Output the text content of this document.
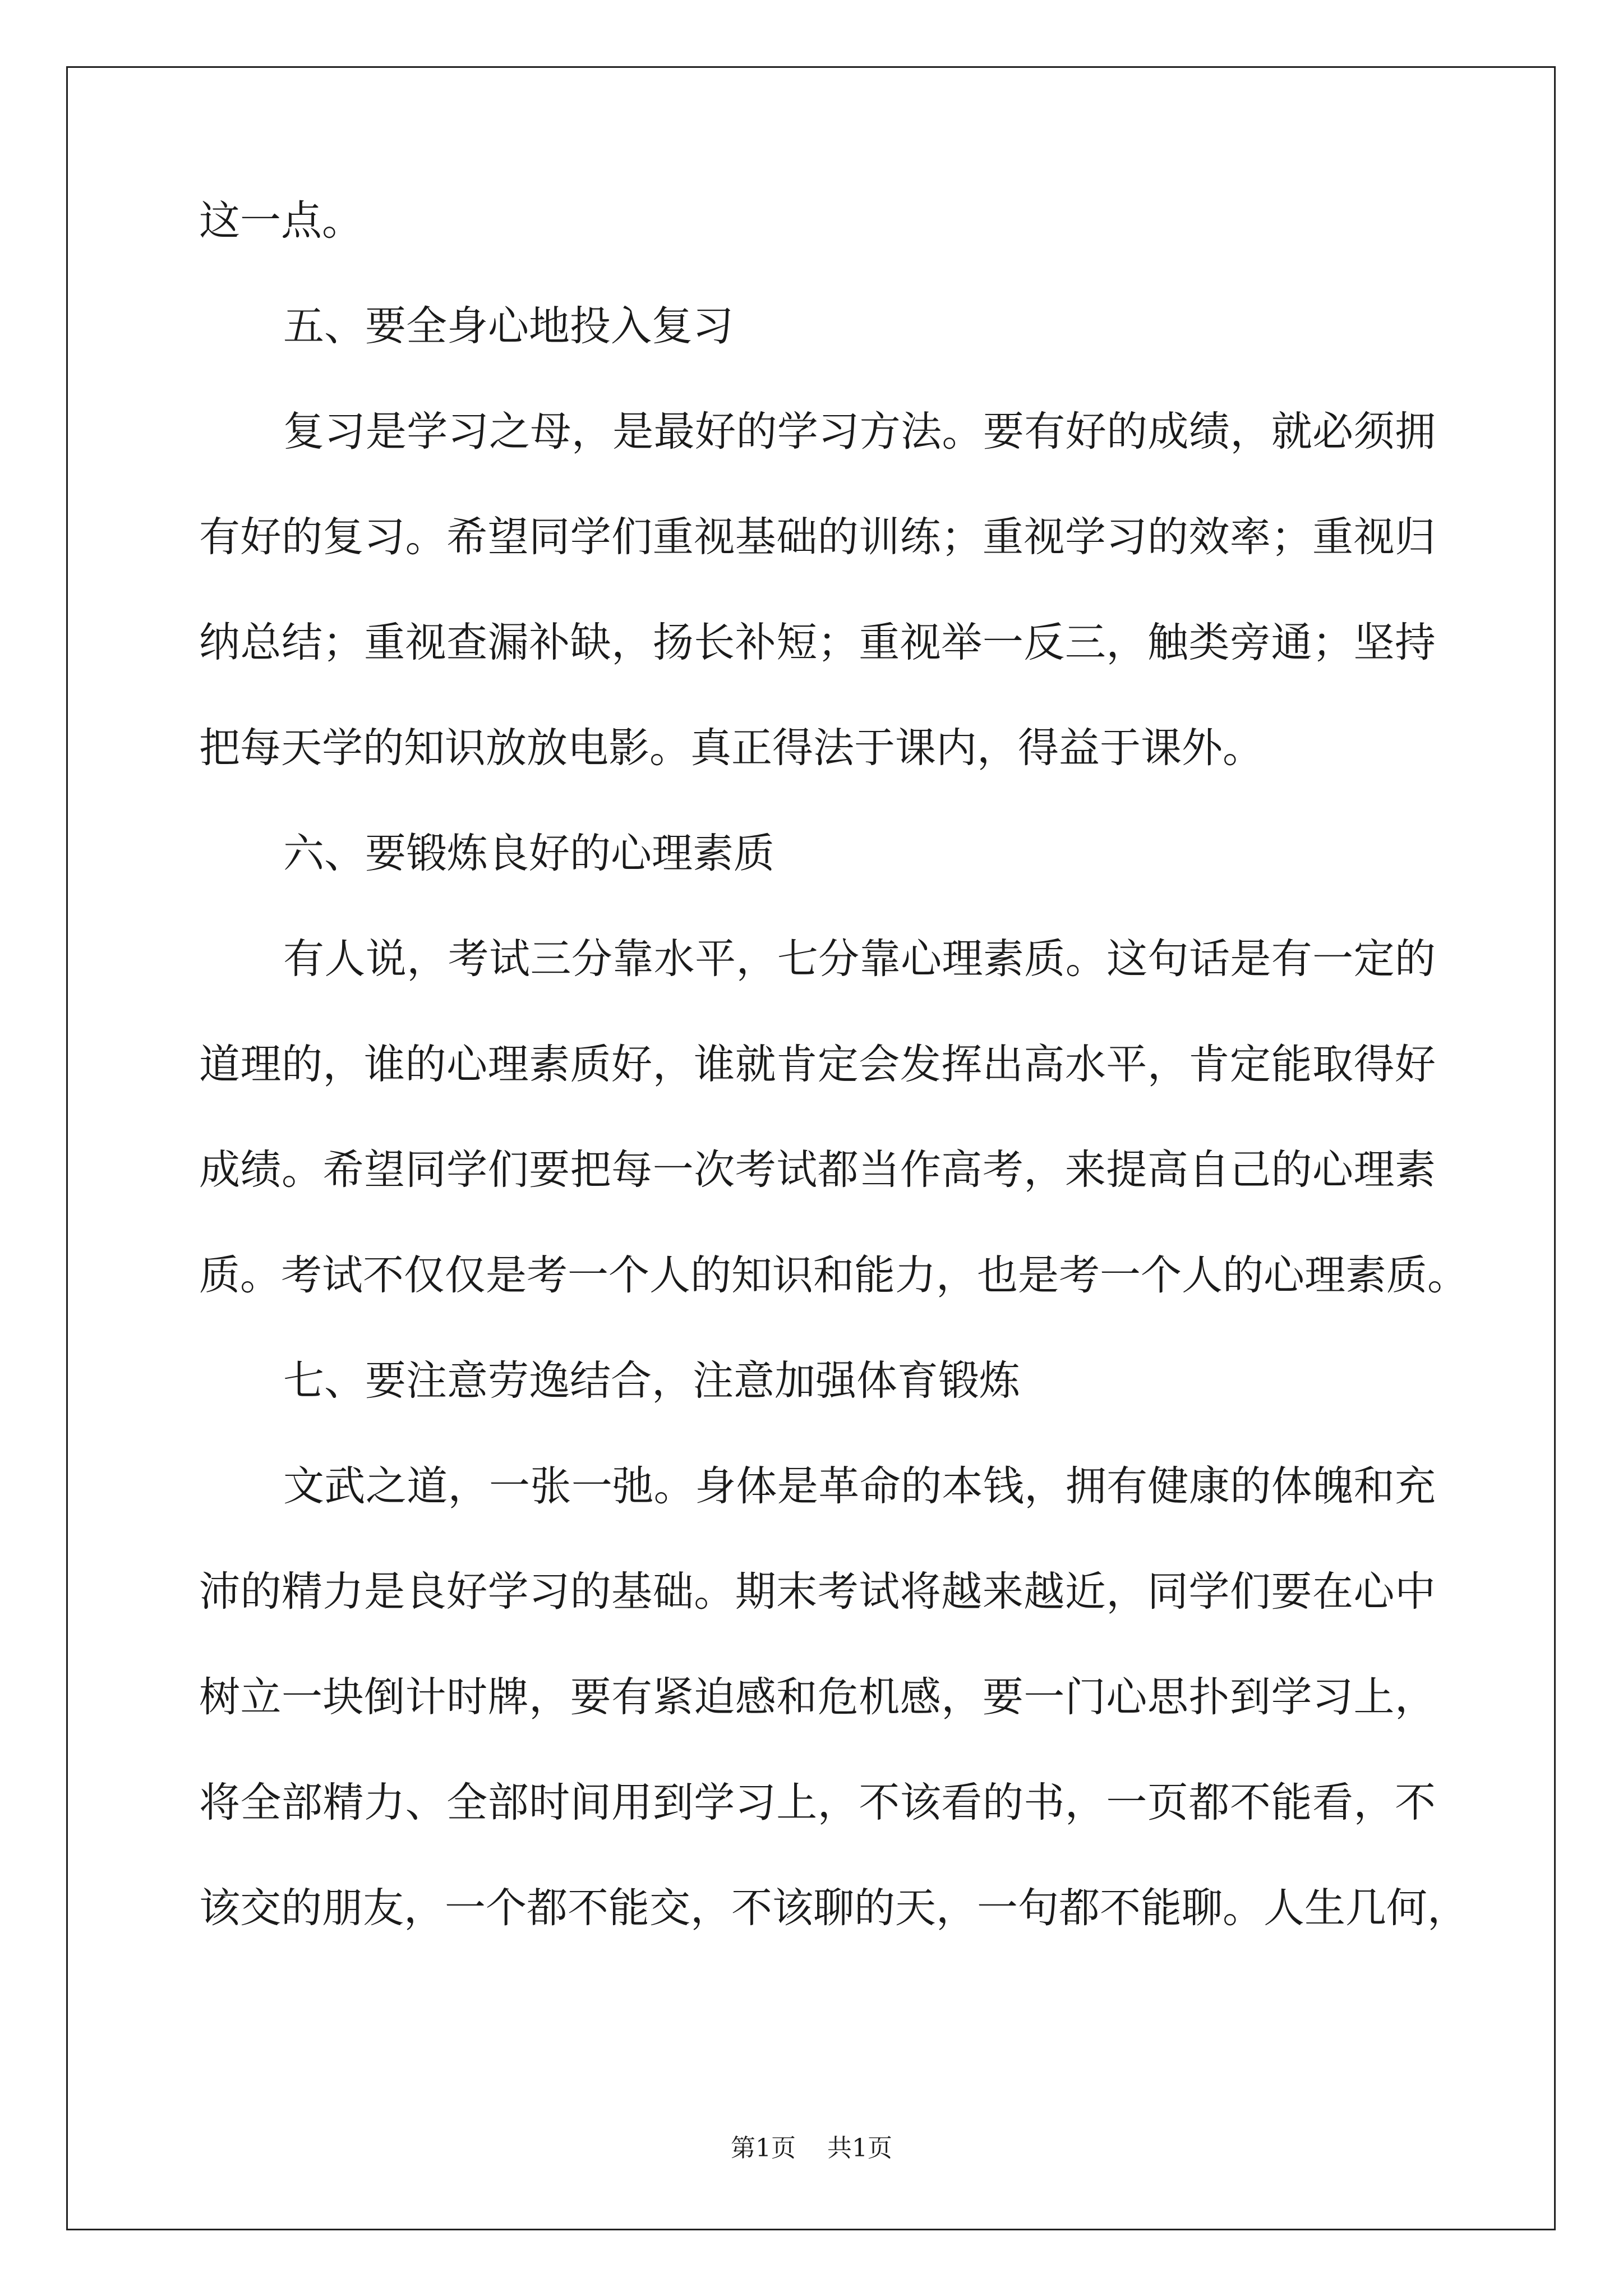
这一点。
五、要全身心地投入复习
复习是学习之母，是最好的学习方法。要有好的成绩，就必须拥
有好的复习。希望同学们重视基础的训练；重视学习的效率；重视归
纳总结；重视查漏补缺，扬长补短；重视举一反三，触类旁通；坚持
把每天学的知识放放电影。真正得法于课内，得益于课外。
六、要锻炼良好的心理素质
有人说，考试三分靠水平，七分靠心理素质。这句话是有一定的
道理的，谁的心理素质好，谁就肯定会发挥出高水平，肯定能取得好
成绩。希望同学们要把每一次考试都当作高考，来提高自己的心理素
质。考试不仅仅是考一个人的知识和能力，也是考一个人的心理素质。
七、要注意劳逸结合，注意加强体育锻炼
文武之道，一张一弛。身体是革命的本钱，拥有健康的体魄和充
沛的精力是良好学习的基础。期末考试将越来越近，同学们要在心中
树立一块倒计时牌，要有紧迫感和危机感，要一门心思扑到学习上，
将全部精力、全部时间用到学习上，不该看的书，一页都不能看，不
该交的朋友，一个都不能交，不该聊的天，一句都不能聊。人生几何，
第1页 共1页
